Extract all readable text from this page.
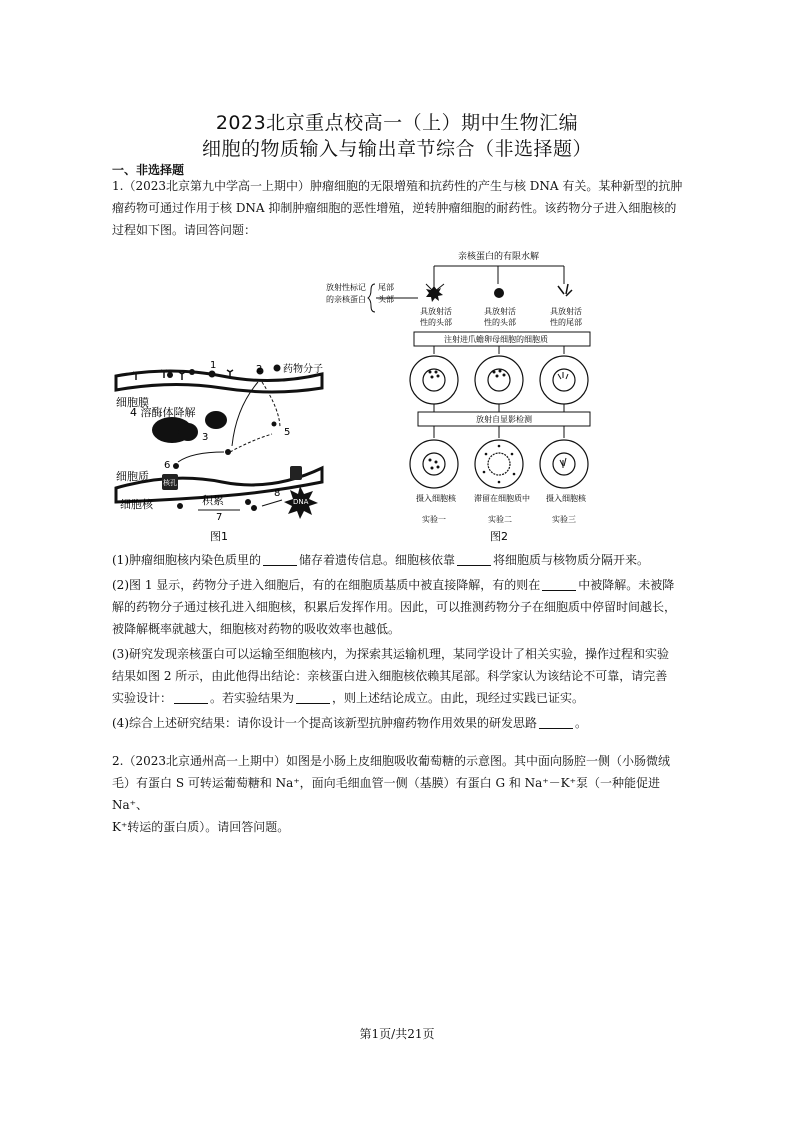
2023北京重点校高一（上）期中生物汇编
细胞的物质输入与输出章节综合（非选择题）
一、非选择题
1.（2023北京第九中学高一上期中）肿瘤细胞的无限增殖和抗药性的产生与核 DNA 有关。某种新型的抗肿
瘤药物可通过作用于核 DNA 抑制肿瘤细胞的恶性增殖，逆转肿瘤细胞的耐药性。该药物分子进入细胞核的
过程如下图。请回答问题：
1	2 药物分子
细胞膜
4 溶酶体降解
3	5
核孔
6
细胞质
细胞核	积累
7
8
DNA
图1
亲核蛋白的有限水解
放射性标记
的亲核蛋白
尾部
头部
具放射活
性的头部
具放射活
性的头部
具放射活
性的尾部
注射进爪蟾卵母细胞的细胞质
放射自显影检测
摄入细胞核 滞留在细胞质中 摄入细胞核
实验一	实验二	实验三
图2
(1)肿瘤细胞核内染色质里的	储存着遗传信息。细胞核依靠	将细胞质与核物质分隔开来。
(2)图 1 显示，药物分子进入细胞后，有的在细胞质基质中被直接降解，有的则在	中被降解。未被降
解的药物分子通过核孔进入细胞核，积累后发挥作用。因此，可以推测药物分子在细胞质中停留时间越长，
被降解概率就越大，细胞核对药物的吸收效率也越低。
(3)研究发现亲核蛋白可以运输至细胞核内，为探索其运输机理，某同学设计了相关实验，操作过程和实验
结果如图 2 所示，由此他得出结论：亲核蛋白进入细胞核依赖其尾部。科学家认为该结论不可靠，请完善
实验设计：	。若实验结果为	，则上述结论成立。由此，现经过实践已证实。
(4)综合上述研究结果：请你设计一个提高该新型抗肿瘤药物作用效果的研发思路	。
2.（2023北京通州高一上期中）如图是小肠上皮细胞吸收葡萄糖的示意图。其中面向肠腔一侧（小肠微绒
毛）有蛋白 S 可转运葡萄糖和 Na⁺，面向毛细血管一侧（基膜）有蛋白 G 和 Na⁺－K⁺泵（一种能促进 Na⁺、
K⁺转运的蛋白质）。请回答问题。
第1页/共21页
